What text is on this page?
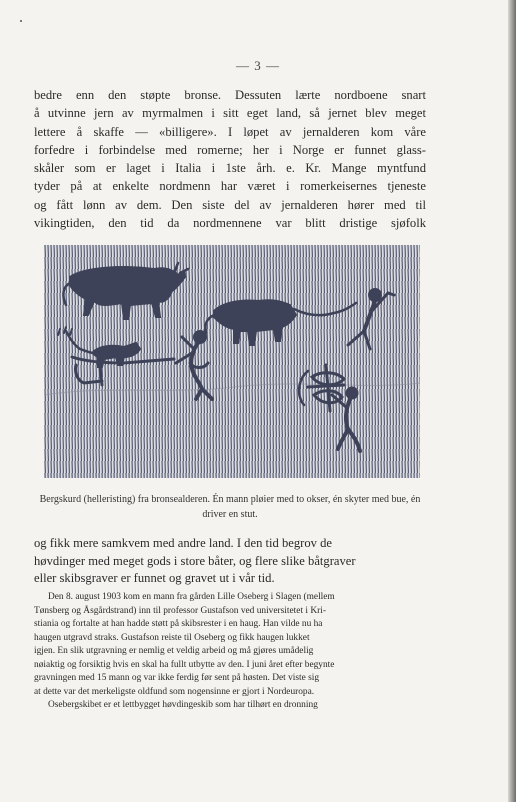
— 3 —
bedre enn den støpte bronse. Dessuten lærte nordboene snart
å utvinne jern av myrmalmen i sitt eget land, så jernet blev meget
lettere å skaffe — «billigere». I løpet av jernalderen kom våre
forfedre i forbindelse med romerne; her i Norge er funnet glass-
skåler som er laget i Italia i 1ste årh. e. Kr. Mange myntfund
tyder på at enkelte nordmenn har været i romerkeisernes tjeneste
og fått lønn av dem. Den siste del av jernalderen hører med til
vikingtiden, den tid da nordmennene var blitt dristige sjøfolk
Bergskurd (helleristing) fra bronsealderen. Én mann pløier med to okser, én skyter med bue, én driver en stut.
og fikk mere samkvem med andre land. I den tid begrov de
høvdinger med meget gods i store båter, og flere slike båtgraver
eller skibsgraver er funnet og gravet ut i vår tid.
Den 8. august 1903 kom en mann fra gården Lille Oseberg i Slagen (mellem
Tønsberg og Åsgårdstrand) inn til professor Gustafson ved universitetet i Kri-
stiania og fortalte at han hadde støtt på skibsrester i en haug. Han vilde nu ha
haugen utgravd straks. Gustafson reiste til Oseberg og fikk haugen lukket
igjen. En slik utgravning er nemlig et veldig arbeid og må gjøres umådelig
nøiaktig og forsiktig hvis en skal ha fullt utbytte av den. I juni året efter begynte
gravningen med 15 mann og var ikke ferdig før sent på høsten. Det viste sig
at dette var det merkeligste oldfund som nogensinne er gjort i Nordeuropa.
Osebergskibet er et lettbygget høvdingeskib som har tilhørt en dronning
